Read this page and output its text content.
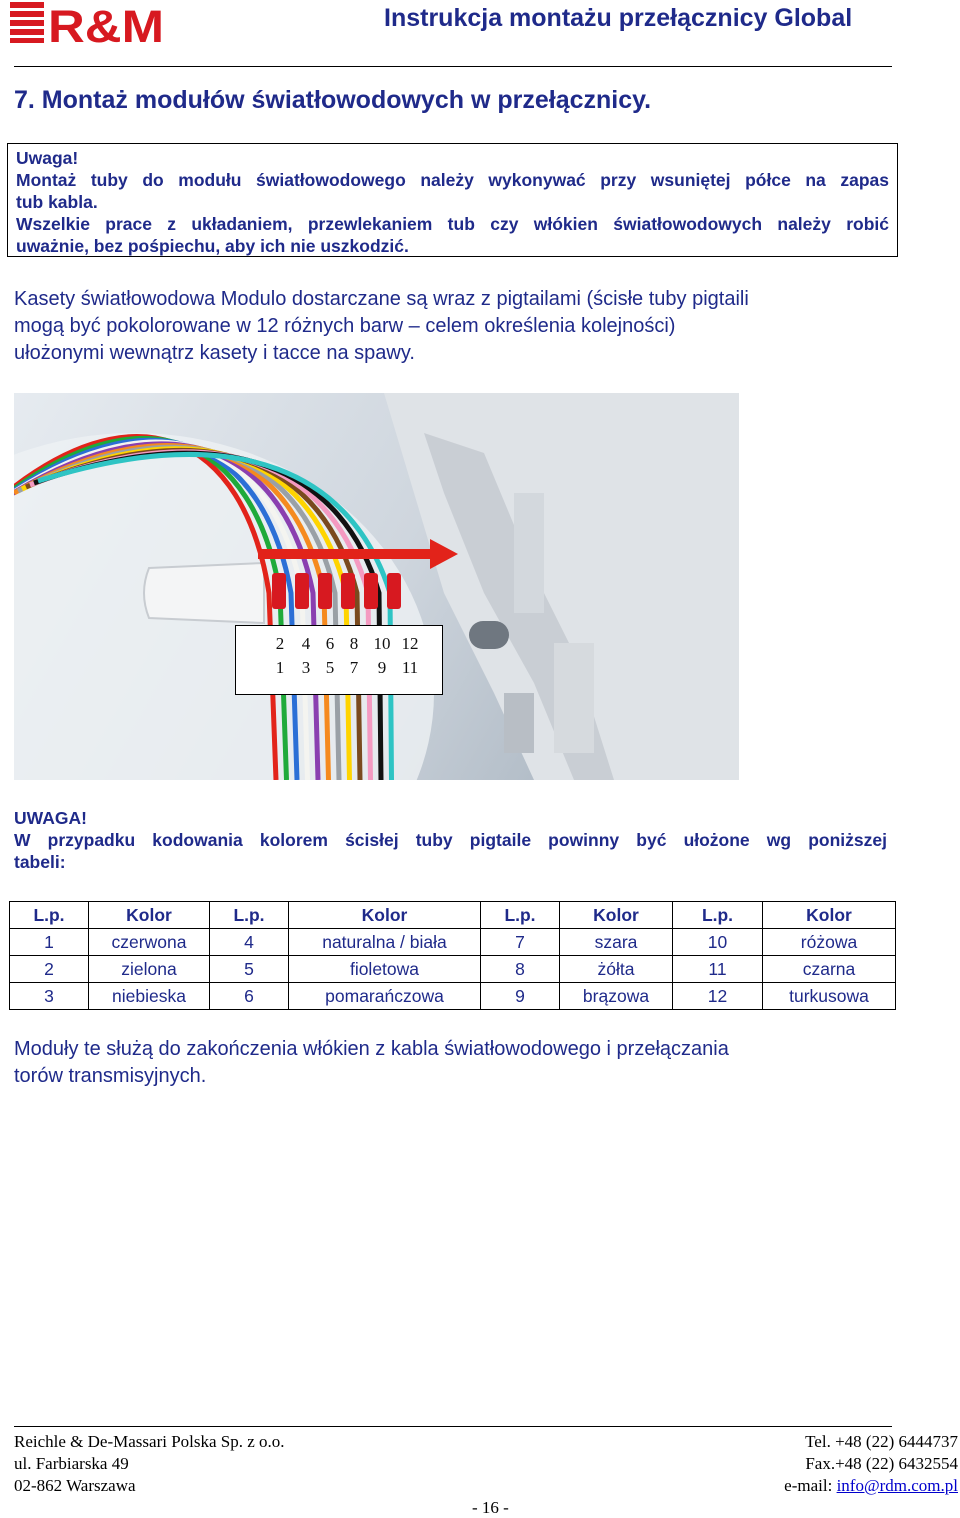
R&M	Instrukcja montażu przełącznicy Global
7. Montaż modułów światłowodowych w przełącznicy.
Uwaga!
Montaż tuby do modułu światłowodowego należy wykonywać przy wsuniętej półce na zapas
tub kabla.
Wszelkie prace z układaniem, przewlekaniem tub czy włókien światłowodowych należy robić
uważnie, bez pośpiechu, aby ich nie uszkodzić.
Kasety światłowodowa Modulo dostarczane są wraz z pigtailami (ścisłe tuby pigtaili
mogą być pokolorowane w 12 różnych barw – celem określenia kolejności)
ułożonymi wewnątrz kasety i tacce na spawy.
2	4 6 8 10 12
1	3 5 7	9 11
UWAGA!
W przypadku kodowania kolorem ścisłej tuby pigtaile powinny być ułożone wg poniższej
tabeli:
L.p.	Kolor	L.p.	Kolor	L.p.	Kolor	L.p.	Kolor
1	czerwona	4	naturalna / biała	7	szara	10	różowa
2	zielona	5	fioletowa	8	żółta	11	czarna
3	niebieska	6	pomarańczowa	9	brązowa	12	turkusowa
Moduły te służą do zakończenia włókien z kabla światłowodowego i przełączania
torów transmisyjnych.
Reichle & De-Massari Polska Sp. z o.o.
ul. Farbiarska 49
02-862 Warszawa
Tel. +48 (22) 6444737
Fax.+48 (22) 6432554
e-mail: info@rdm.com.pl
- 16 -
